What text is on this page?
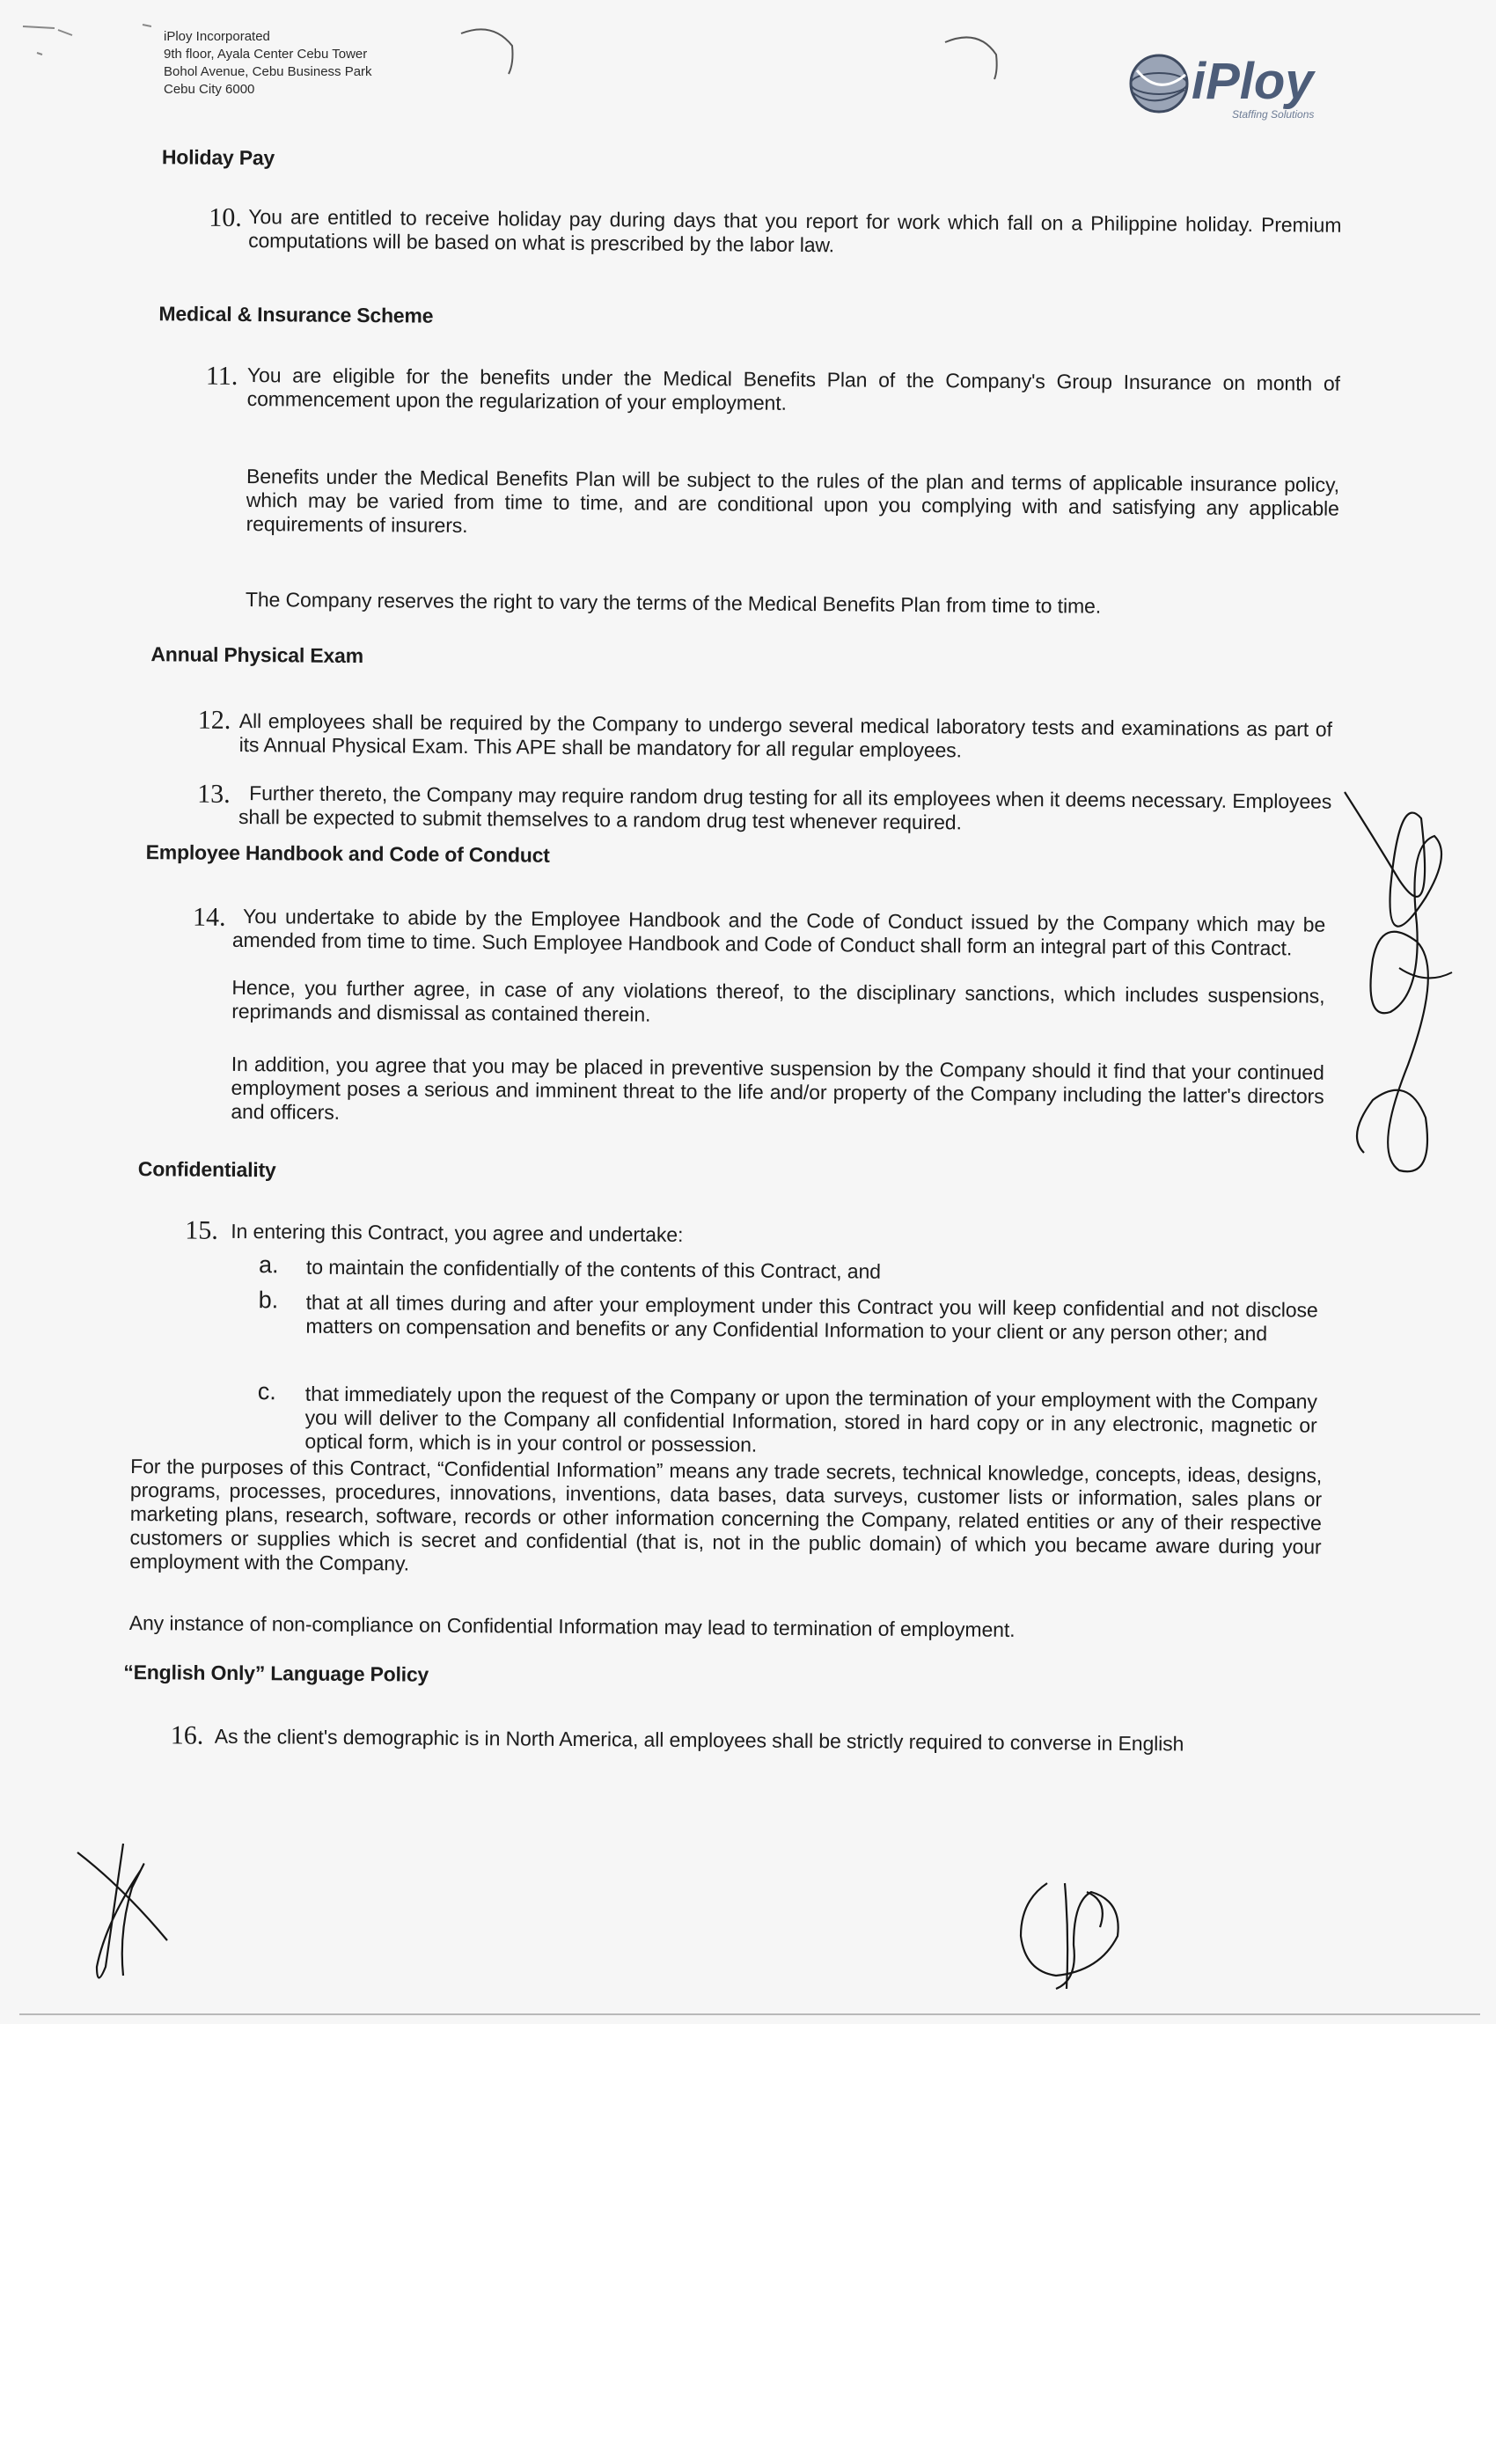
iPloy Incorporated
9th floor, Ayala Center Cebu Tower
Bohol Avenue, Cebu Business Park
Cebu City 6000	iPloy
Staffing Solutions
Holiday Pay
10. You are entitled to receive holiday pay during days that you report for work which fall on a Philippine holiday. Premium computations will be based on what is prescribed by the labor law.
Medical & Insurance Scheme
11. You are eligible for the benefits under the Medical Benefits Plan of the Company's Group Insurance on month of commencement upon the regularization of your employment.
Benefits under the Medical Benefits Plan will be subject to the rules of the plan and terms of applicable insurance policy, which may be varied from time to time, and are conditional upon you complying with and satisfying any applicable requirements of insurers.
The Company reserves the right to vary the terms of the Medical Benefits Plan from time to time.
Annual Physical Exam
12. All employees shall be required by the Company to undergo several medical laboratory tests and examinations as part of its Annual Physical Exam. This APE shall be mandatory for all regular employees.
13. Further thereto, the Company may require random drug testing for all its employees when it deems necessary. Employees shall be expected to submit themselves to a random drug test whenever required.
Employee Handbook and Code of Conduct
14. You undertake to abide by the Employee Handbook and the Code of Conduct issued by the Company which may be amended from time to time. Such Employee Handbook and Code of Conduct shall form an integral part of this Contract.
Hence, you further agree, in case of any violations thereof, to the disciplinary sanctions, which includes suspensions, reprimands and dismissal as contained therein.
In addition, you agree that you may be placed in preventive suspension by the Company should it find that your continued employment poses a serious and imminent threat to the life and/or property of the Company including the latter's directors and officers.
Confidentiality
15. In entering this Contract, you agree and undertake:
a. to maintain the confidentially of the contents of this Contract, and
b. that at all times during and after your employment under this Contract you will keep confidential and not disclose matters on compensation and benefits or any Confidential Information to your client or any person other; and
c. that immediately upon the request of the Company or upon the termination of your employment with the Company you will deliver to the Company all confidential Information, stored in hard copy or in any electronic, magnetic or optical form, which is in your control or possession.
For the purposes of this Contract, “Confidential Information” means any trade secrets, technical knowledge, concepts, ideas, designs, programs, processes, procedures, innovations, inventions, data bases, data surveys, customer lists or information, sales plans or marketing plans, research, software, records or other information concerning the Company, related entities or any of their respective customers or supplies which is secret and confidential (that is, not in the public domain) of which you became aware during your employment with the Company.
Any instance of non-compliance on Confidential Information may lead to termination of employment.
“English Only” Language Policy
16. As the client's demographic is in North America, all employees shall be strictly required to converse in English
